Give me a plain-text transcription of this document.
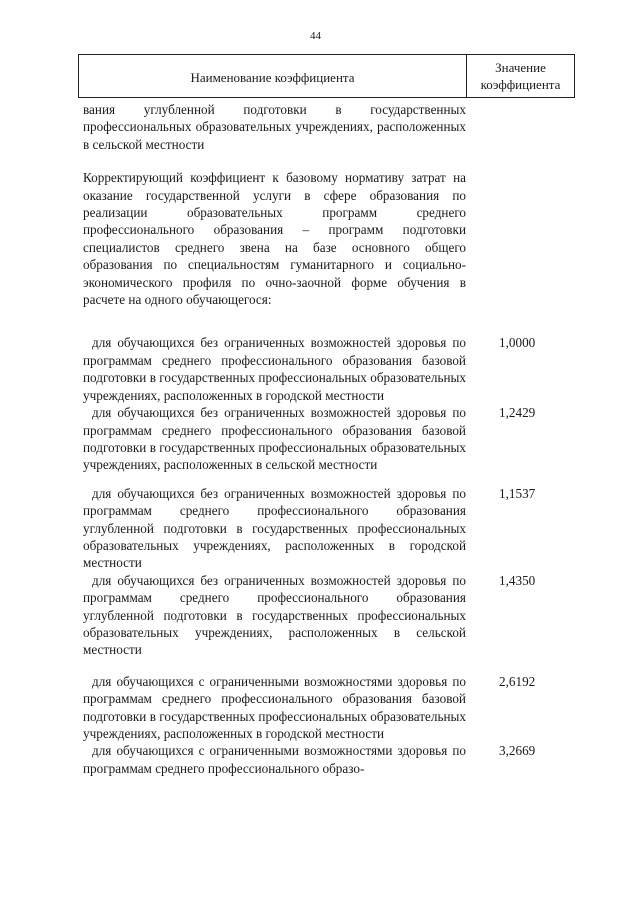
44
Наименование коэффициента
Значение
коэффициента

вания углубленной подготовки в государственных профессиональных образовательных учреждениях, расположенных в сельской местности

Корректирующий коэффициент к базовому нормативу затрат на оказание государственной услуги в сфере образования по реализации образовательных программ среднего профессионального образования – программ подготовки специалистов среднего звена на базе основного общего образования по специальностям гуманитарного и социально-экономического профиля по очно-заочной форме обучения в расчете на одного обучающегося:

для обучающихся без ограниченных возможностей здоровья по программам среднего профессионального образования базовой подготовки в государственных профессиональных образовательных учреждениях, расположенных в городской местности

1,0000

для обучающихся без ограниченных возможностей здоровья по программам среднего профессионального образования базовой подготовки в государственных профессиональных образовательных учреждениях, расположенных в сельской местности

1,2429

для обучающихся без ограниченных возможностей здоровья по программам среднего профессионального образования углубленной подготовки в государственных профессиональных образовательных учреждениях, расположенных в городской местности

1,1537

для обучающихся без ограниченных возможностей здоровья по программам среднего профессионального образования углубленной подготовки в государственных профессиональных образовательных учреждениях, расположенных в сельской местности

1,4350

для обучающихся с ограниченными возможностями здоровья по программам среднего профессионального образования базовой подготовки в государственных профессиональных образовательных учреждениях, расположенных в городской местности

2,6192

для обучающихся с ограниченными возможностями здоровья по программам среднего профессионального образо-

3,2669
